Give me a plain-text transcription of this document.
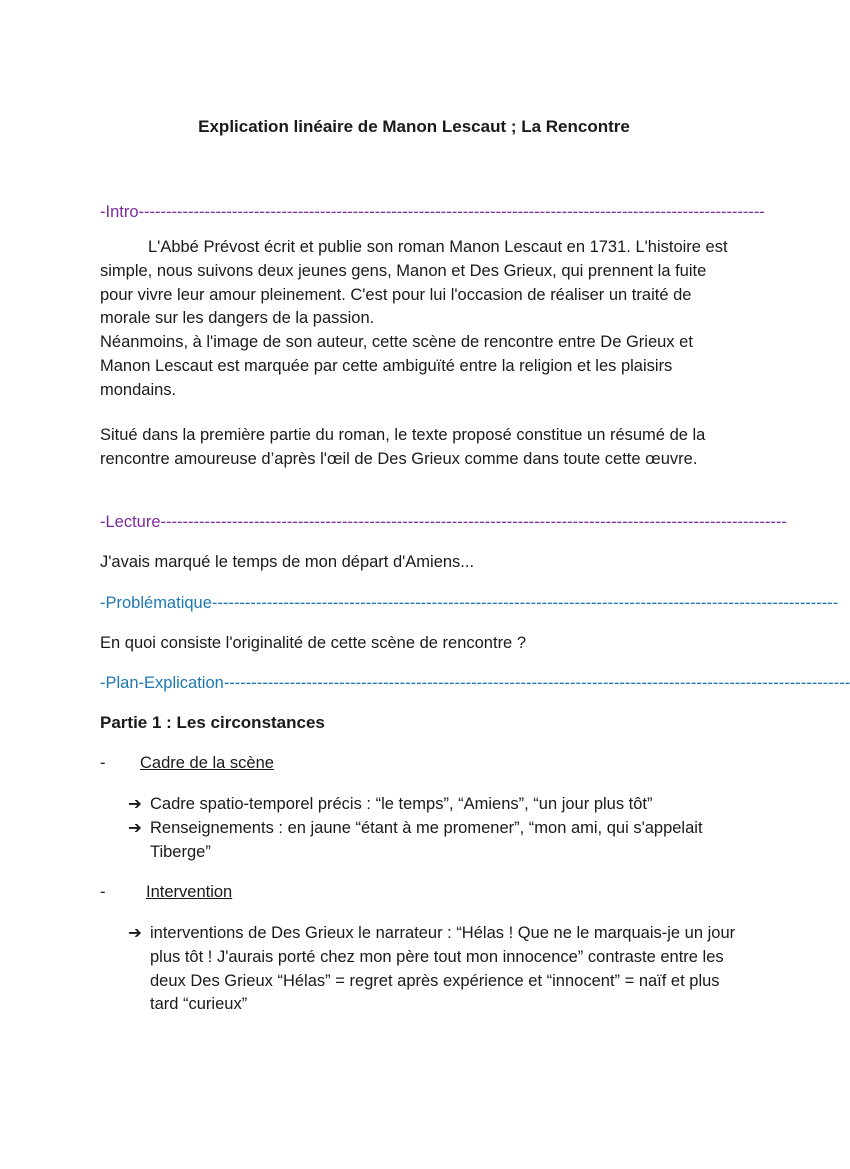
Explication linéaire de Manon Lescaut ; La Rencontre
-Intro------------------------------------------------------------------------------------------------------------------
L'Abbé Prévost écrit et publie son roman Manon Lescaut en 1731. L'histoire est simple, nous suivons deux jeunes gens, Manon et Des Grieux, qui prennent la fuite pour vivre leur amour pleinement. C'est pour lui l'occasion de réaliser un traité de morale sur les dangers de la passion.
Néanmoins, à l'image de son auteur, cette scène de rencontre entre De Grieux et Manon Lescaut est marquée par cette ambiguïté entre la religion et les plaisirs mondains.
Situé dans la première partie du roman, le texte proposé constitue un résumé de la rencontre amoureuse d’après l'œil de Des Grieux comme dans toute cette œuvre.
-Lecture------------------------------------------------------------------------------------------------------------------
J'avais marqué le temps de mon départ d'Amiens...
-Problématique------------------------------------------------------------------------------------------------------------------
En quoi consiste l'originalité de cette scène de rencontre ?
-Plan-Explication------------------------------------------------------------------------------------------------------------------
Partie 1 : Les circonstances
- Cadre de la scène
➔ Cadre spatio-temporel précis : “le temps”, “Amiens”, “un jour plus tôt”
➔ Renseignements : en jaune “étant à me promener”, “mon ami, qui s'appelait Tiberge”
- Intervention
➔ interventions de Des Grieux le narrateur : “Hélas ! Que ne le marquais-je un jour plus tôt ! J'aurais porté chez mon père tout mon innocence” contraste entre les deux Des Grieux “Hélas” = regret après expérience et “innocent” = naïf et plus tard “curieux”
